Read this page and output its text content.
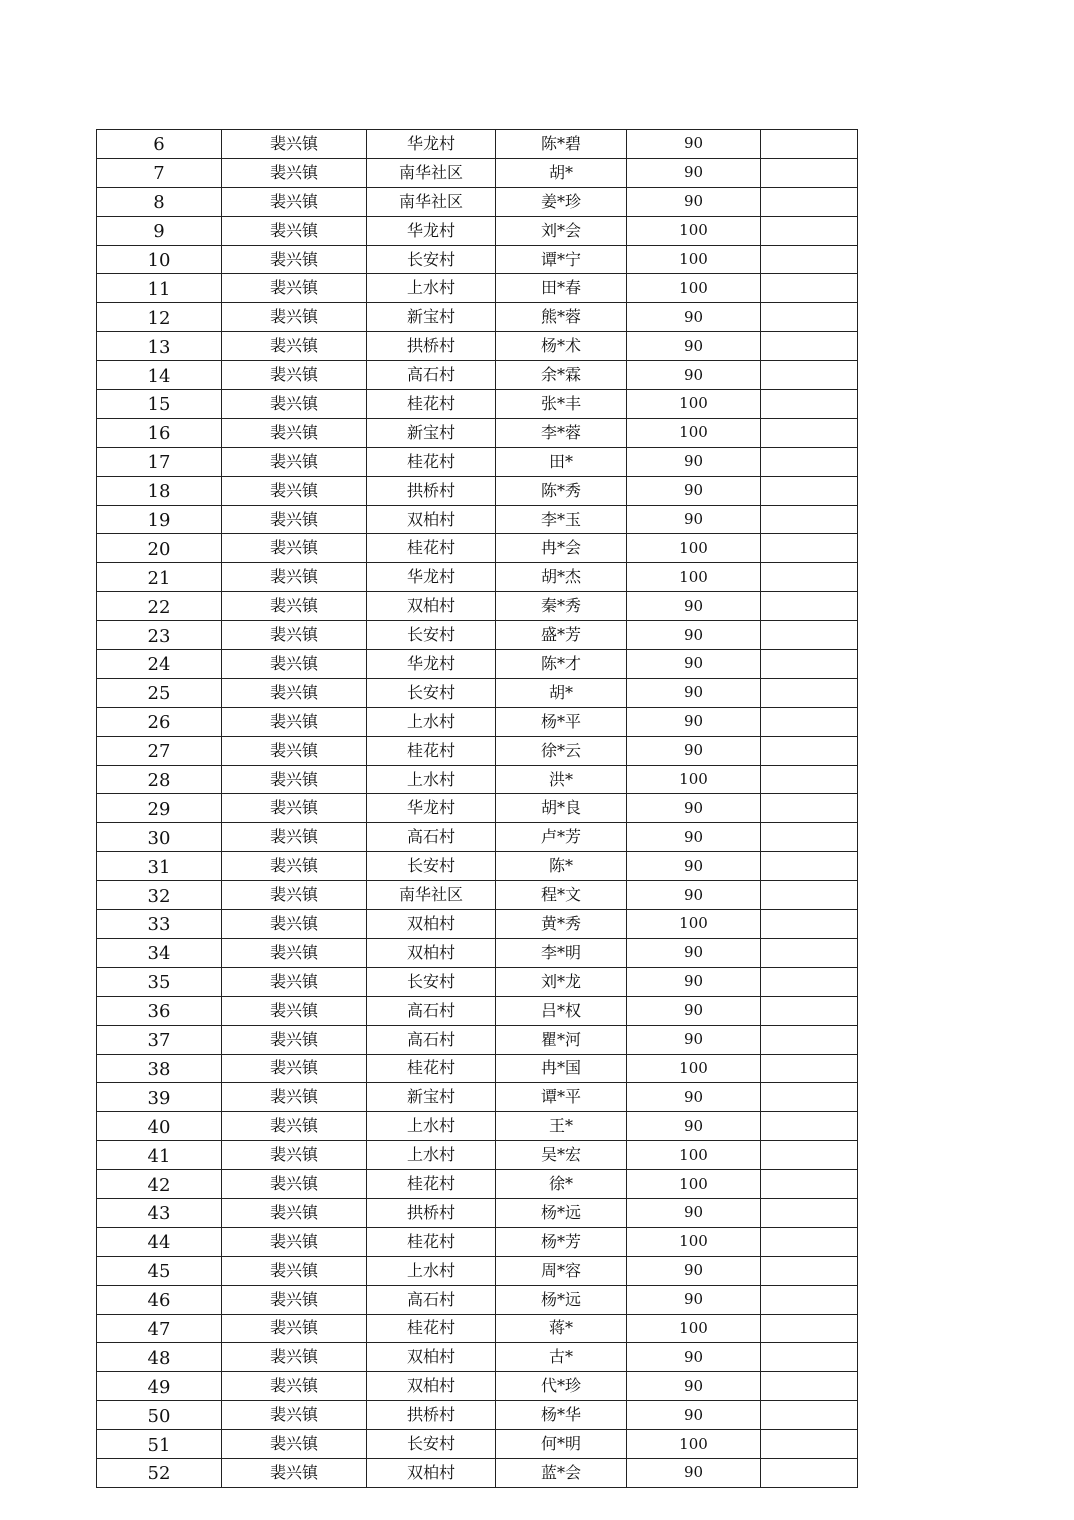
6	裴兴镇	华龙村	陈*碧	90	
7	裴兴镇	南华社区	胡*	90	
8	裴兴镇	南华社区	姜*珍	90	
9	裴兴镇	华龙村	刘*会	100	
10	裴兴镇	长安村	谭*宁	100	
11	裴兴镇	上水村	田*春	100	
12	裴兴镇	新宝村	熊*蓉	90	
13	裴兴镇	拱桥村	杨*术	90	
14	裴兴镇	高石村	余*霖	90	
15	裴兴镇	桂花村	张*丰	100	
16	裴兴镇	新宝村	李*蓉	100	
17	裴兴镇	桂花村	田*	90	
18	裴兴镇	拱桥村	陈*秀	90	
19	裴兴镇	双柏村	李*玉	90	
20	裴兴镇	桂花村	冉*会	100	
21	裴兴镇	华龙村	胡*杰	100	
22	裴兴镇	双柏村	秦*秀	90	
23	裴兴镇	长安村	盛*芳	90	
24	裴兴镇	华龙村	陈*才	90	
25	裴兴镇	长安村	胡*	90	
26	裴兴镇	上水村	杨*平	90	
27	裴兴镇	桂花村	徐*云	90	
28	裴兴镇	上水村	洪*	100	
29	裴兴镇	华龙村	胡*良	90	
30	裴兴镇	高石村	卢*芳	90	
31	裴兴镇	长安村	陈*	90	
32	裴兴镇	南华社区	程*文	90	
33	裴兴镇	双柏村	黄*秀	100	
34	裴兴镇	双柏村	李*明	90	
35	裴兴镇	长安村	刘*龙	90	
36	裴兴镇	高石村	吕*权	90	
37	裴兴镇	高石村	瞿*河	90	
38	裴兴镇	桂花村	冉*国	100	
39	裴兴镇	新宝村	谭*平	90	
40	裴兴镇	上水村	王*	90	
41	裴兴镇	上水村	吴*宏	100	
42	裴兴镇	桂花村	徐*	100	
43	裴兴镇	拱桥村	杨*远	90	
44	裴兴镇	桂花村	杨*芳	100	
45	裴兴镇	上水村	周*容	90	
46	裴兴镇	高石村	杨*远	90	
47	裴兴镇	桂花村	蒋*	100	
48	裴兴镇	双柏村	古*	90	
49	裴兴镇	双柏村	代*珍	90	
50	裴兴镇	拱桥村	杨*华	90	
51	裴兴镇	长安村	何*明	100	
52	裴兴镇	双柏村	蓝*会	90	
